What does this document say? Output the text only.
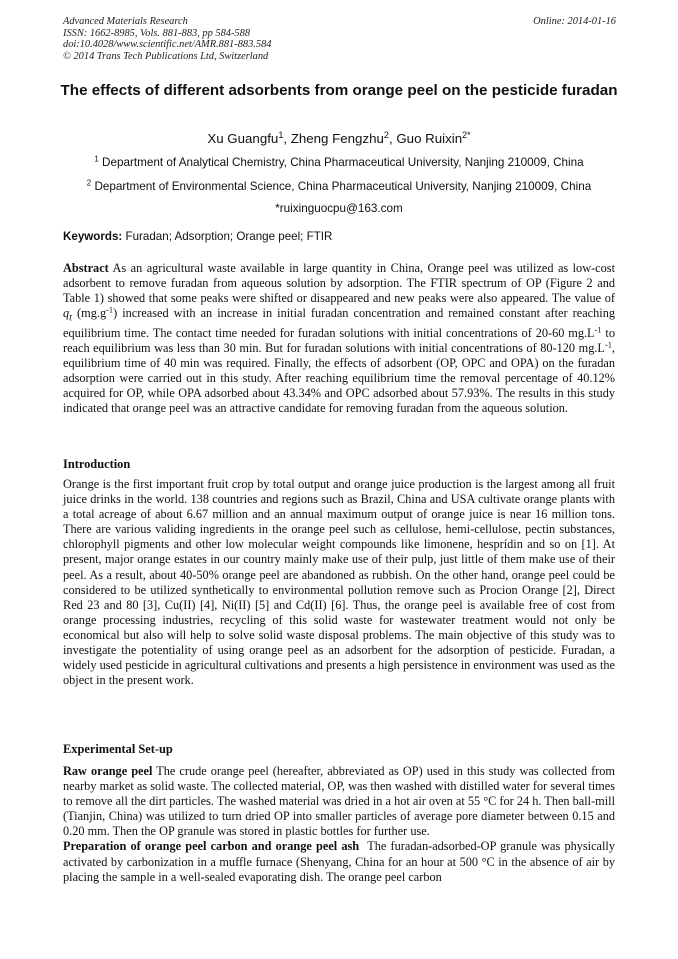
Advanced Materials Research
ISSN: 1662-8985, Vols. 881-883, pp 584-588
doi:10.4028/www.scientific.net/AMR.881-883.584
© 2014 Trans Tech Publications Ltd, Switzerland
Online: 2014-01-16
The effects of different adsorbents from orange peel on the pesticide furadan
Xu Guangfu$^1$, Zheng Fengzhu$^2$, Guo Ruixin$^{2*}$
$^1$ Department of Analytical Chemistry, China Pharmaceutical University, Nanjing 210009, China
$^2$ Department of Environmental Science, China Pharmaceutical University, Nanjing 210009, China
*ruixinguocpu@163.com
Keywords: Furadan; Adsorption; Orange peel; FTIR
Abstract As an agricultural waste available in large quantity in China, Orange peel was utilized as low-cost adsorbent to remove furadan from aqueous solution by adsorption. The FTIR spectrum of OP (Figure 2 and Table 1) showed that some peaks were shifted or disappeared and new peaks were also appeared. The value of $q_t$ $(mg.g^{-1})$ increased with an increase in initial furadan concentration and remained constant after reaching equilibrium time. The contact time needed for furadan solutions with initial concentrations of 20-60 $mg.L^{-1}$ to reach equilibrium was less than 30 min. But for furadan solutions with initial concentrations of 80-120 $mg.L^{-1}$, equilibrium time of 40 min was required. Finally, the effects of adsorbent (OP, OPC and OPA) on the furadan adsorption were carried out in this study. After reaching equilibrium time the removal percentage of 40.12% acquired for OP, while OPA adsorbed about 43.34% and OPC adsorbed about 57.93%. The results in this study indicated that orange peel was an attractive candidate for removing furadan from the aqueous solution.
Introduction
Orange is the first important fruit crop by total output and orange juice production is the largest among all fruit juice drinks in the world. 138 countries and regions such as Brazil, China and USA cultivate orange plants with a total acreage of about 6.67 million and an annual maximum output of orange juice is near 16 million tons. There are various validing ingredients in the orange peel such as cellulose, hemi-cellulose, pectin substances, chlorophyll pigments and other low molecular weight compounds like limonene, hesprídin and so on [1]. At present, major orange estates in our country mainly make use of their pulp, just little of them make use of their peel. As a result, about 40-50% orange peel are abandoned as rubbish. On the other hand, orange peel could be considered to be utilized synthetically to environmental pollution remove such as Procion Orange [2], Direct Red 23 and 80 [3], Cu(II) [4], Ni(II) [5] and Cd(II) [6]. Thus, the orange peel is available free of cost from orange processing industries, recycling of this solid waste for wastewater treatment would not only be economical but also will help to solve solid waste disposal problems. The main objective of this study was to investigate the potentiality of using orange peel as an adsorbent for the adsorption of pesticide. Furadan, a widely used pesticide in agricultural cultivations and presents a high persistence in environment was used as the object in the present work.
Experimental Set-up

Raw orange peel The crude orange peel (hereafter, abbreviated as OP) used in this study was collected from nearby market as solid waste. The collected material, OP, was then washed with distilled water for several times to remove all the dirt particles. The washed material was dried in a hot air oven at 55 °C for 24 h. Then ball-mill (Tianjin, China) was utilized to turn dried OP into smaller particles of average pore diameter between 0.15 and 0.20 mm. Then the OP granule was stored in plastic bottles for further use.

Preparation of orange peel carbon and orange peel ash The furadan-adsorbed-OP granule was physically activated by carbonization in a muffle furnace (Shenyang, China for an hour at 500 °C in the absence of air by placing the sample in a well-sealed evaporating dish. The orange peel carbon
